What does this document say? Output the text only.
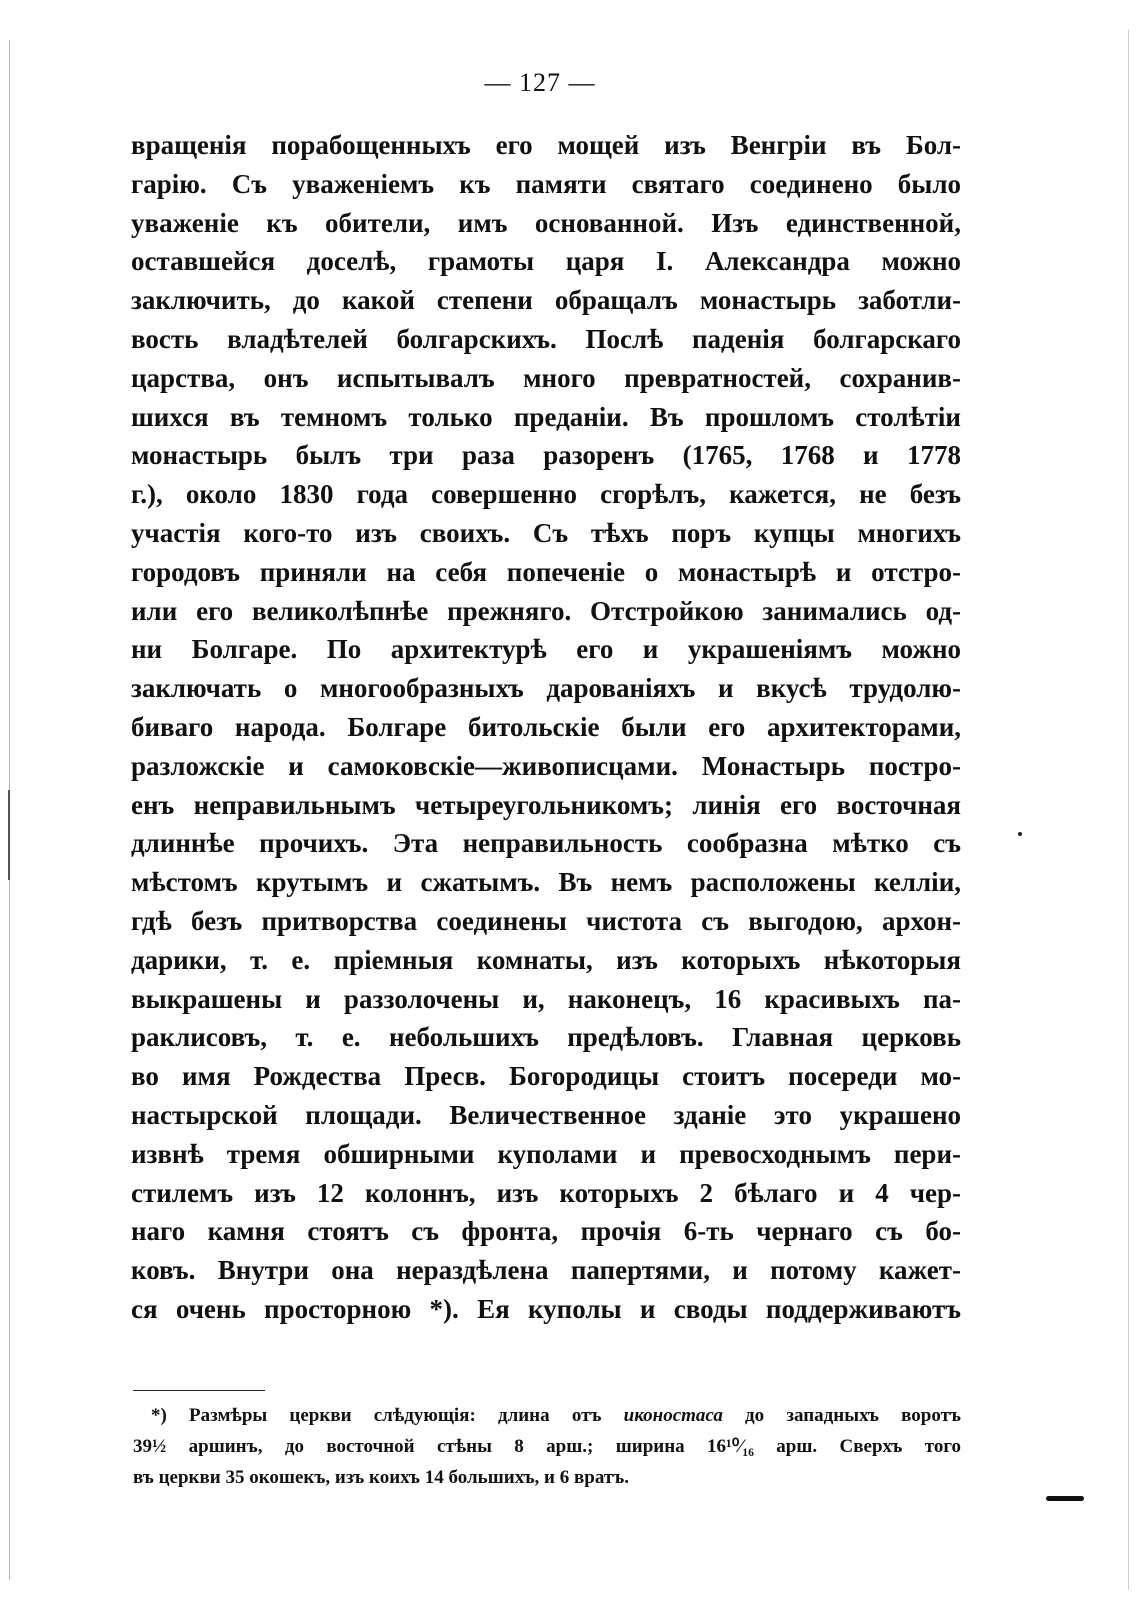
— 127 —
вращенія порабощенныхъ его мощей изъ Венгріи въ Бол-
гарію. Съ уваженіемъ къ памяти святаго соединено было
уваженіе къ обители, имъ основанной. Изъ единственной,
оставшейся доселѣ, грамоты царя I. Александра можно
заключить, до какой степени обращалъ монастырь заботли-
вость владѣтелей болгарскихъ. Послѣ паденія болгарскаго
царства, онъ испытывалъ много превратностей, сохранив-
шихся въ темномъ только преданіи. Въ прошломъ столѣтіи
монастырь былъ три раза разоренъ (1765, 1768 и 1778
г.), около 1830 года совершенно сгорѣлъ, кажется, не безъ
участія кого-то изъ своихъ. Съ тѣхъ поръ купцы многихъ
городовъ приняли на себя попеченіе о монастырѣ и отстро-
или его великолѣпнѣе прежняго. Отстройкою занимались од-
ни Болгаре. По архитектурѣ его и украшеніямъ можно
заключать о многообразныхъ дарованіяхъ и вкусѣ трудолю-
биваго народа. Болгаре битольскіе были его архитекторами,
разложскіе и самоковскіе—живописцами. Монастырь постро-
енъ неправильнымъ четыреугольникомъ; линія его восточная
длиннѣе прочихъ. Эта неправильность сообразна мѣтко съ
мѣстомъ крутымъ и сжатымъ. Въ немъ расположены келліи,
гдѣ безъ притворства соединены чистота съ выгодою, архон-
дарики, т. е. пріемныя комнаты, изъ которыхъ нѣкоторыя
выкрашены и раззолочены и, наконецъ, 16 красивыхъ па-
раклисовъ, т. е. небольшихъ предѣловъ. Главная церковь
во имя Рождества Пресв. Богородицы стоитъ посереди мо-
настырской площади. Величественное зданіе это украшено
извнѣ тремя обширными куполами и превосходнымъ пери-
стилемъ изъ 12 колоннъ, изъ которыхъ 2 бѣлаго и 4 чер-
наго камня стоятъ съ фронта, прочія 6-ть чернаго съ бо-
ковъ. Внутри она нераздѣлена папертями, и потому кажет-
ся очень просторною *). Ея куполы и своды поддерживаютъ
*) Размѣры церкви слѣдующія: длина отъ иконостаса до западныхъ воротъ
39½ аршинъ, до восточной стѣны 8 арш.; ширина 16¹⁰⁄₁₆ арш. Сверхъ того
въ церкви 35 окошекъ, изъ коихъ 14 большихъ, и 6 вратъ.
